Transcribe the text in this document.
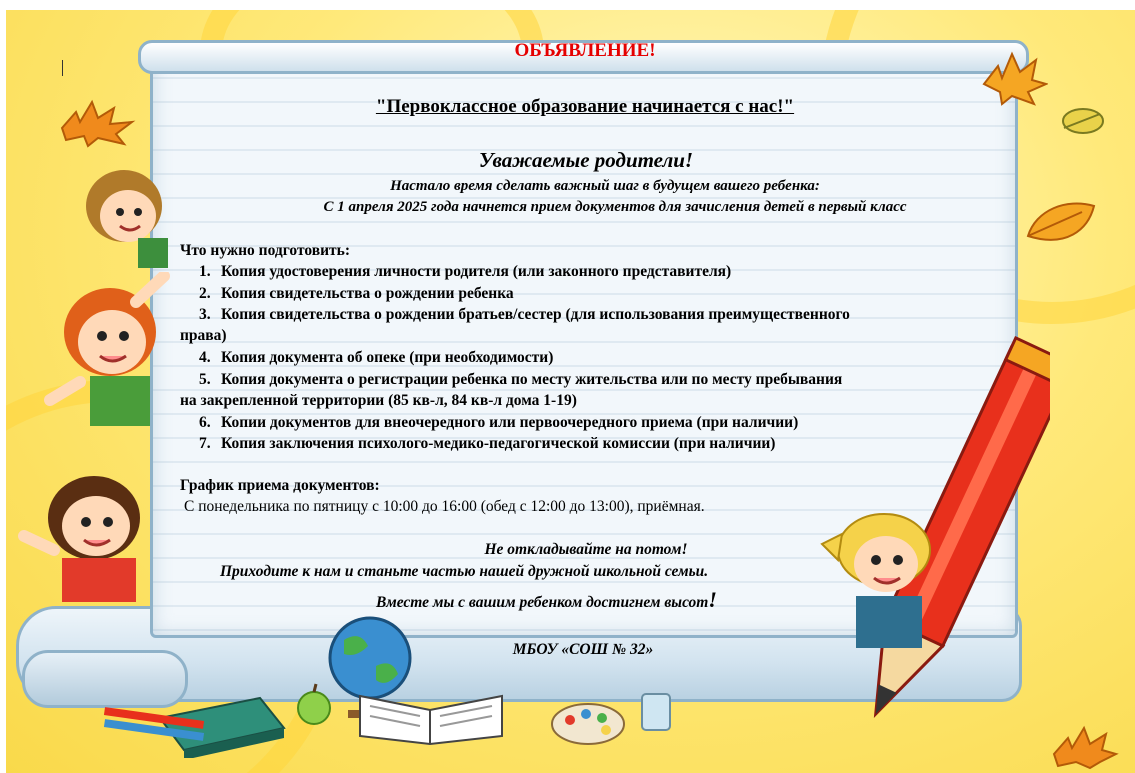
ОБЪЯВЛЕНИЕ!
"Первоклассное образование начинается с нас!"
Уважаемые родители!
Настало время сделать важный шаг в будущем вашего ребенка:
С 1 апреля 2025 года начнется прием документов для зачисления детей в первый класс
Что нужно подготовить:
1. Копия удостоверения личности родителя (или законного представителя)
2. Копия свидетельства о рождении ребенка
3. Копия свидетельства о рождении братьев/сестер (для использования преимущественного
права)
4. Копия документа об опеке (при необходимости)
5. Копия документа о регистрации ребенка по месту жительства или по месту пребывания
на закрепленной территории (85 кв-л, 84 кв-л дома 1-19)
6. Копии документов для внеочередного или первоочередного приема (при наличии)
7. Копия заключения психолого-медико-педагогической комиссии (при наличии)
График приема документов:
С понедельника по пятницу с 10:00 до 16:00 (обед с 12:00 до 13:00), приёмная.
Не откладывайте на потом!
Приходите к нам и станьте частью нашей дружной школьной семьи.
Вместе мы с вашим ребенком достигнем высот!
МБОУ «СОШ № 32»
